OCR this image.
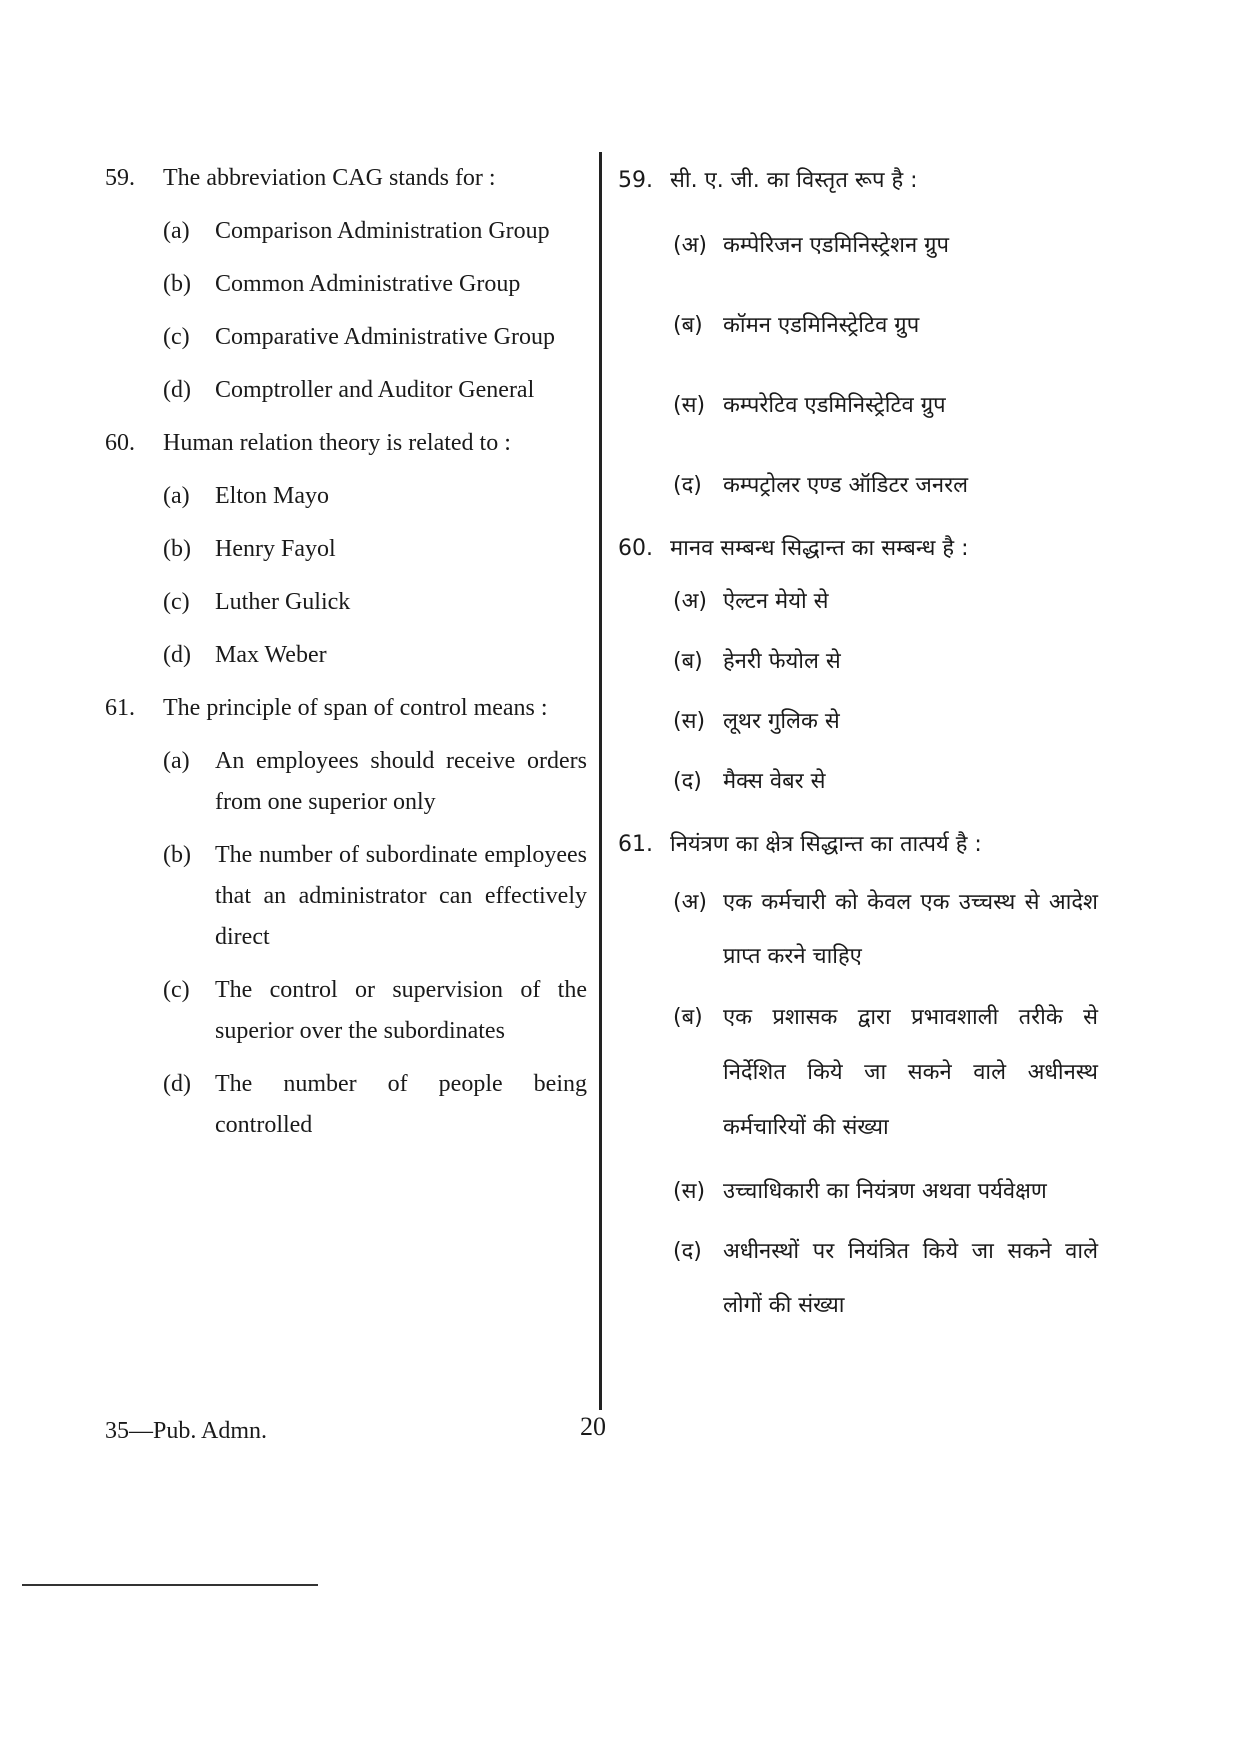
59.	The abbreviation CAG stands for :
(a)	Comparison Administration Group
(b)	Common Administrative Group
(c)	Comparative Administrative Group
(d)	Comptroller and Auditor General
60.	Human relation theory is related to :
(a)	Elton Mayo
(b)	Henry Fayol
(c)	Luther Gulick
(d)	Max Weber
61.	The principle of span of control means :
(a)	An employees should receive orders from one superior only
(b)	The number of subordinate employees that an administrator can effectively direct
(c)	The control or supervision of the superior over the subordinates
(d)	The number of people being controlled
59. सी. ए. जी. का विस्तृत रूप है :
(अ) कम्पेरिजन एडमिनिस्ट्रेशन ग्रुप
(ब) कॉमन एडमिनिस्ट्रेटिव ग्रुप
(स) कम्परेटिव एडमिनिस्ट्रेटिव ग्रुप
(द) कम्पट्रोलर एण्ड ऑडिटर जनरल
60. मानव सम्बन्ध सिद्धान्त का सम्बन्ध है :
(अ) ऐल्टन मेयो से
(ब) हेनरी फेयोल से
(स) लूथर गुलिक से
(द) मैक्स वेबर से
61. नियंत्रण का क्षेत्र सिद्धान्त का तात्पर्य है :
(अ) एक कर्मचारी को केवल एक उच्चस्थ से आदेश प्राप्त करने चाहिए
(ब) एक प्रशासक द्वारा प्रभावशाली तरीके से निर्देशित किये जा सकने वाले अधीनस्थ कर्मचारियों की संख्या
(स) उच्चाधिकारी का नियंत्रण अथवा पर्यवेक्षण
(द) अधीनस्थों पर नियंत्रित किये जा सकने वाले लोगों की संख्या
35—Pub. Admn.	20
